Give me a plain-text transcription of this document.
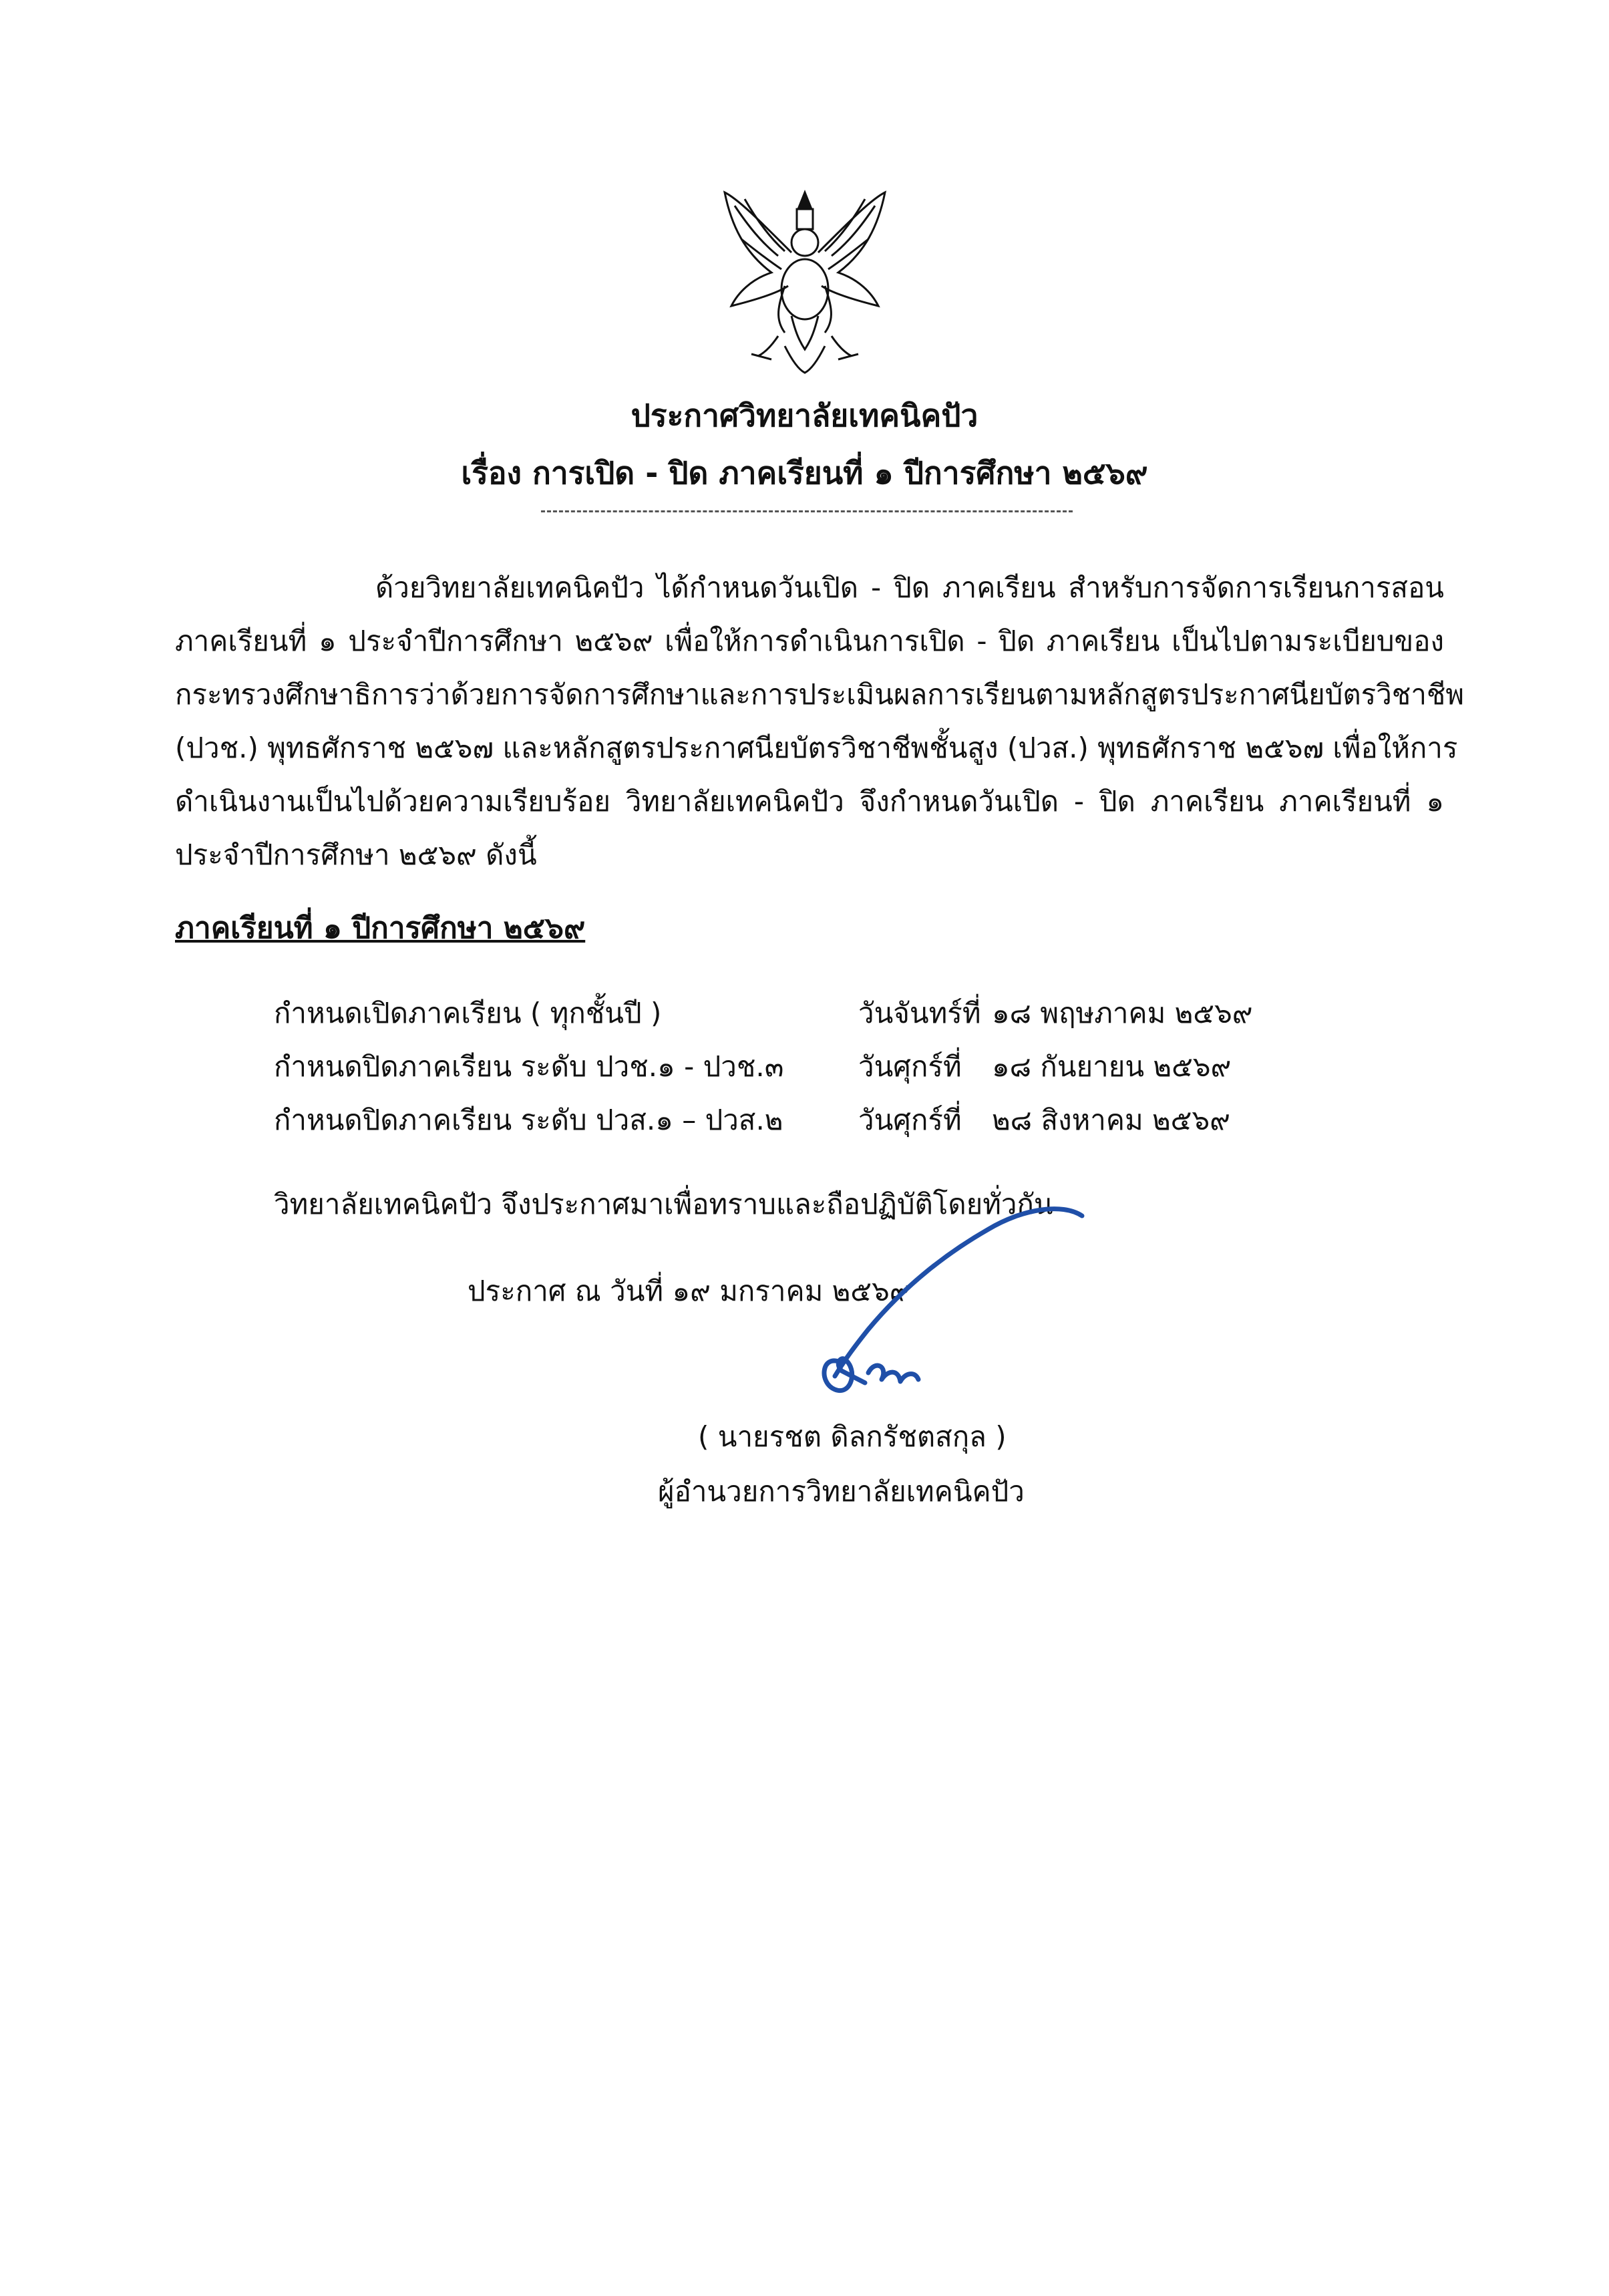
ประกาศวิทยาลัยเทคนิคปัว
เรื่อง การเปิด - ปิด ภาคเรียนที่ ๑ ปีการศึกษา ๒๕๖๙
ด้วยวิทยาลัยเทคนิคปัว ได้กำหนดวันเปิด - ปิด ภาคเรียน สำหรับการจัดการเรียนการสอน
ภาคเรียนที่ ๑ ประจำปีการศึกษา ๒๕๖๙ เพื่อให้การดำเนินการเปิด - ปิด ภาคเรียน เป็นไปตามระเบียบของ
กระทรวงศึกษาธิการว่าด้วยการจัดการศึกษาและการประเมินผลการเรียนตามหลักสูตรประกาศนียบัตรวิชาชีพ
(ปวช.) พุทธศักราช ๒๕๖๗ และหลักสูตรประกาศนียบัตรวิชาชีพชั้นสูง (ปวส.) พุทธศักราช ๒๕๖๗ เพื่อให้การ
ดำเนินงานเป็นไปด้วยความเรียบร้อย วิทยาลัยเทคนิคปัว จึงกำหนดวันเปิด - ปิด ภาคเรียน ภาคเรียนที่ ๑
ประจำปีการศึกษา ๒๕๖๙ ดังนี้
ภาคเรียนที่ ๑ ปีการศึกษา ๒๕๖๙
กำหนดเปิดภาคเรียน ( ทุกชั้นปี )	วันจันทร์ที่ ๑๘ พฤษภาคม ๒๕๖๙
กำหนดปิดภาคเรียน ระดับ ปวช.๑ - ปวช.๓	วันศุกร์ที่ ๑๘ กันยายน ๒๕๖๙
กำหนดปิดภาคเรียน ระดับ ปวส.๑ – ปวส.๒	วันศุกร์ที่ ๒๘ สิงหาคม ๒๕๖๙
วิทยาลัยเทคนิคปัว จึงประกาศมาเพื่อทราบและถือปฏิบัติโดยทั่วกัน
ประกาศ ณ วันที่ ๑๙ มกราคม ๒๕๖๙
( นายรชต ดิลกรัชตสกุล )
ผู้อำนวยการวิทยาลัยเทคนิคปัว
